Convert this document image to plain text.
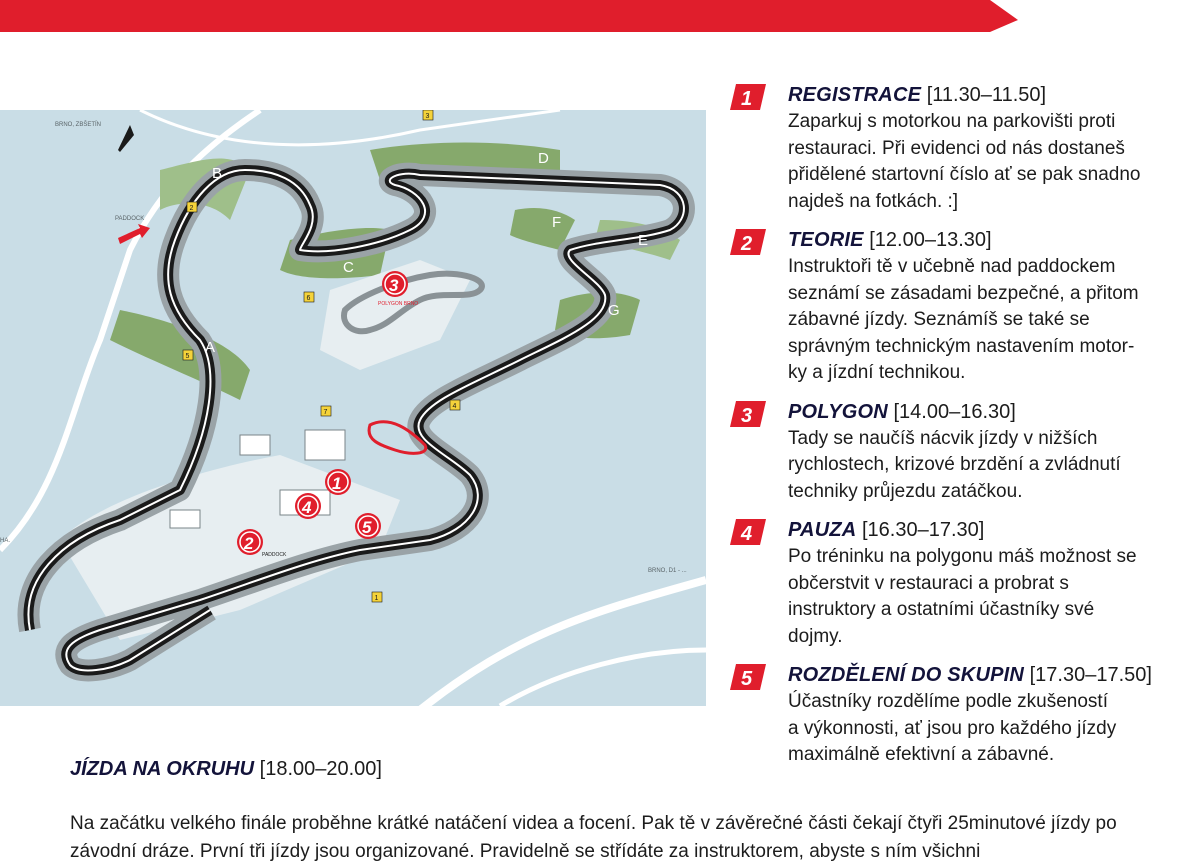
BRNO, ZBŠETÍN
PADDOCK
BRNO, D1 - ...
HA.
A
B
C
D
E
F
G
1
2
3
4
5
6
7
1
2
3
4
5
POLYGON BRNO
PADDOCK
1 REGISTRACE [11.30–11.50]
Zaparkuj s motorkou na parkovišti proti
restauraci. Při evidenci od nás dostaneš
přidělené startovní číslo ať se pak snadno
najdeš na fotkách. :]
2 TEORIE [12.00–13.30]
Instruktoři tě v učebně nad paddockem
seznámí se zásadami bezpečné, a přitom
zábavné jízdy. Seznámíš se také se
správným technickým nastavením motor-
ky a jízdní technikou.
3 POLYGON [14.00–16.30]
Tady se naučíš nácvik jízdy v nižších
rychlostech, krizové brzdění a zvládnutí
techniky průjezdu zatáčkou.
4 PAUZA [16.30–17.30]
Po tréninku na polygonu máš možnost se
občerstvit v restauraci a probrat s
instruktory a ostatními účastníky své
dojmy.
5 ROZDĚLENÍ DO SKUPIN [17.30–17.50]
Účastníky rozdělíme podle zkušeností
a výkonnosti, ať jsou pro každého jízdy
maximálně efektivní a zábavné.
JÍZDA NA OKRUHU [18.00–20.00]
Na začátku velkého finále proběhne krátké natáčení videa a focení. Pak tě v závěrečné části čekají čtyři 25minutové jízdy po závodní dráze. První tři jízdy jsou organizované. Pravidelně se střídáte za instruktorem, abyste s ním všichni
